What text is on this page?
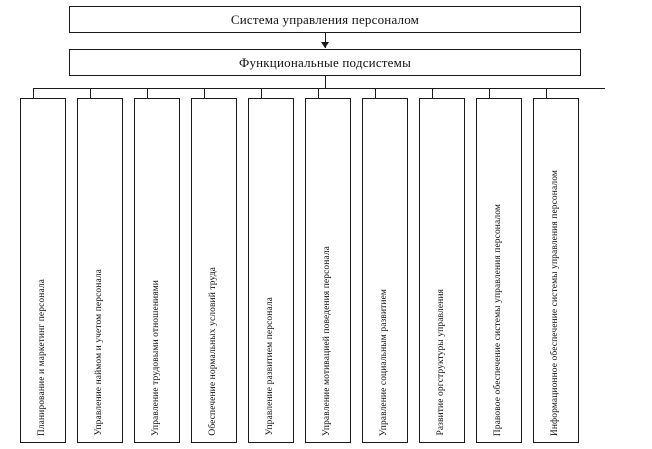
Система управления персоналом
Функциональные подсистемы
Планирование и маркетинг персонала	Управление наймом и учетом персонала	Управление трудовыми отношениями	Обеспечение нормальных условий труда	Управление развитием персонала	Управление мотивацией поведения персонала	Управление социальным развитием	Развитие оргструктуры управления	Правовое обеспечение системы управления персоналом	Информационное обеспечение системы управления персоналом
